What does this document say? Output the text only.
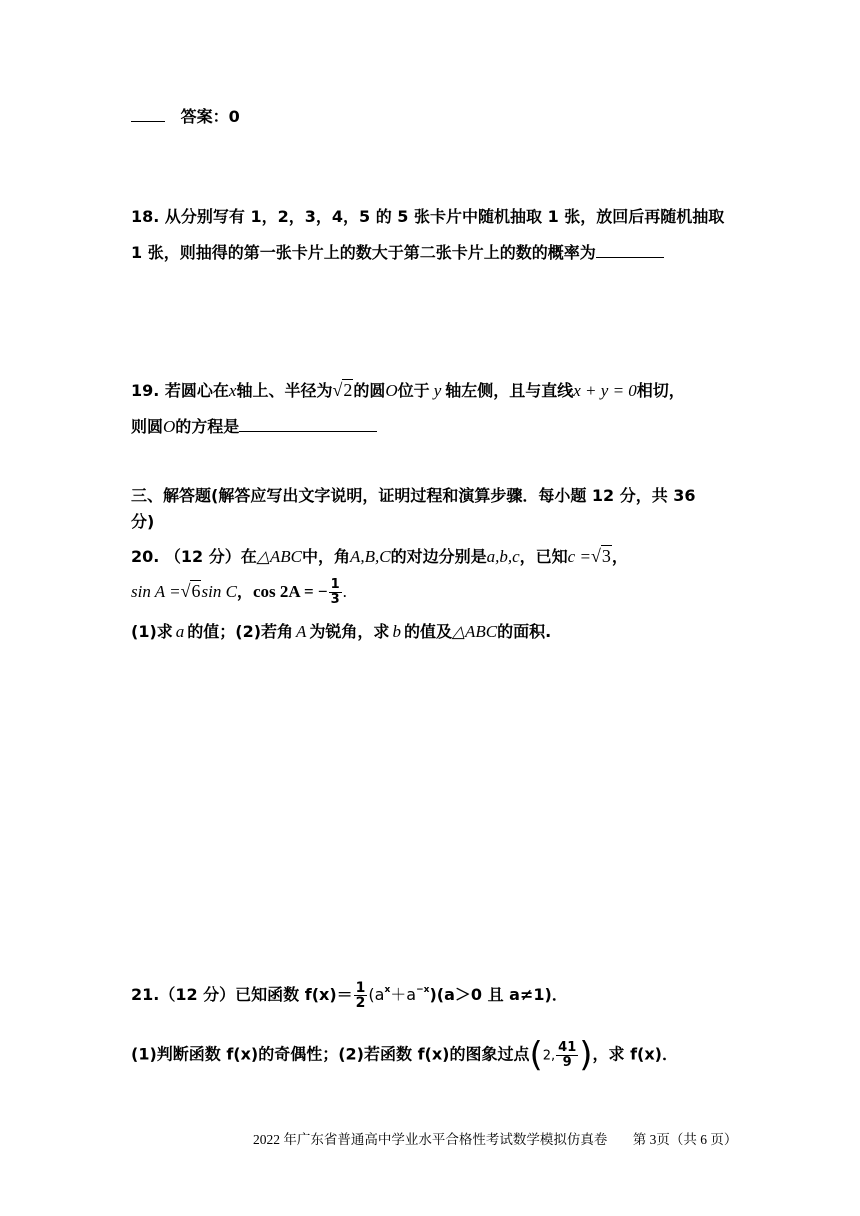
答案：0
18. 从分别写有 1，2，3，4，5 的 5 张卡片中随机抽取 1 张，放回后再随机抽取
1 张，则抽得的第一张卡片上的数大于第二张卡片上的数的概率为
19. 若圆心在x轴上、半径为√2的圆O位于 y 轴左侧，且与直线x + y = 0相切，
则圆O的方程是
三、解答题(解答应写出文字说明，证明过程和演算步骤．每小题 12 分，共 36
分)
20. （12 分）在△ABC中，角A,B,C的对边分别是a,b,c，已知c =√3，
sin A =√6sin C，cos 2A = − $\frac{1}{3}$ .
(1)求 a 的值；(2)若角 A 为锐角，求 b 的值及△ABC的面积.
21.（12 分）已知函数 $f(x)= \frac{1}{2} (a^x+a^{-x})(a>0$ 且 a≠1)．
(1)判断函数 f(x)的奇偶性；(2)若函数 f(x)的图象过点(2, $\frac{41}{9}$ )，求 f(x)．
2022 年广东省普通高中学业水平合格性考试数学模拟仿真卷 第 3页（共 6 页）
